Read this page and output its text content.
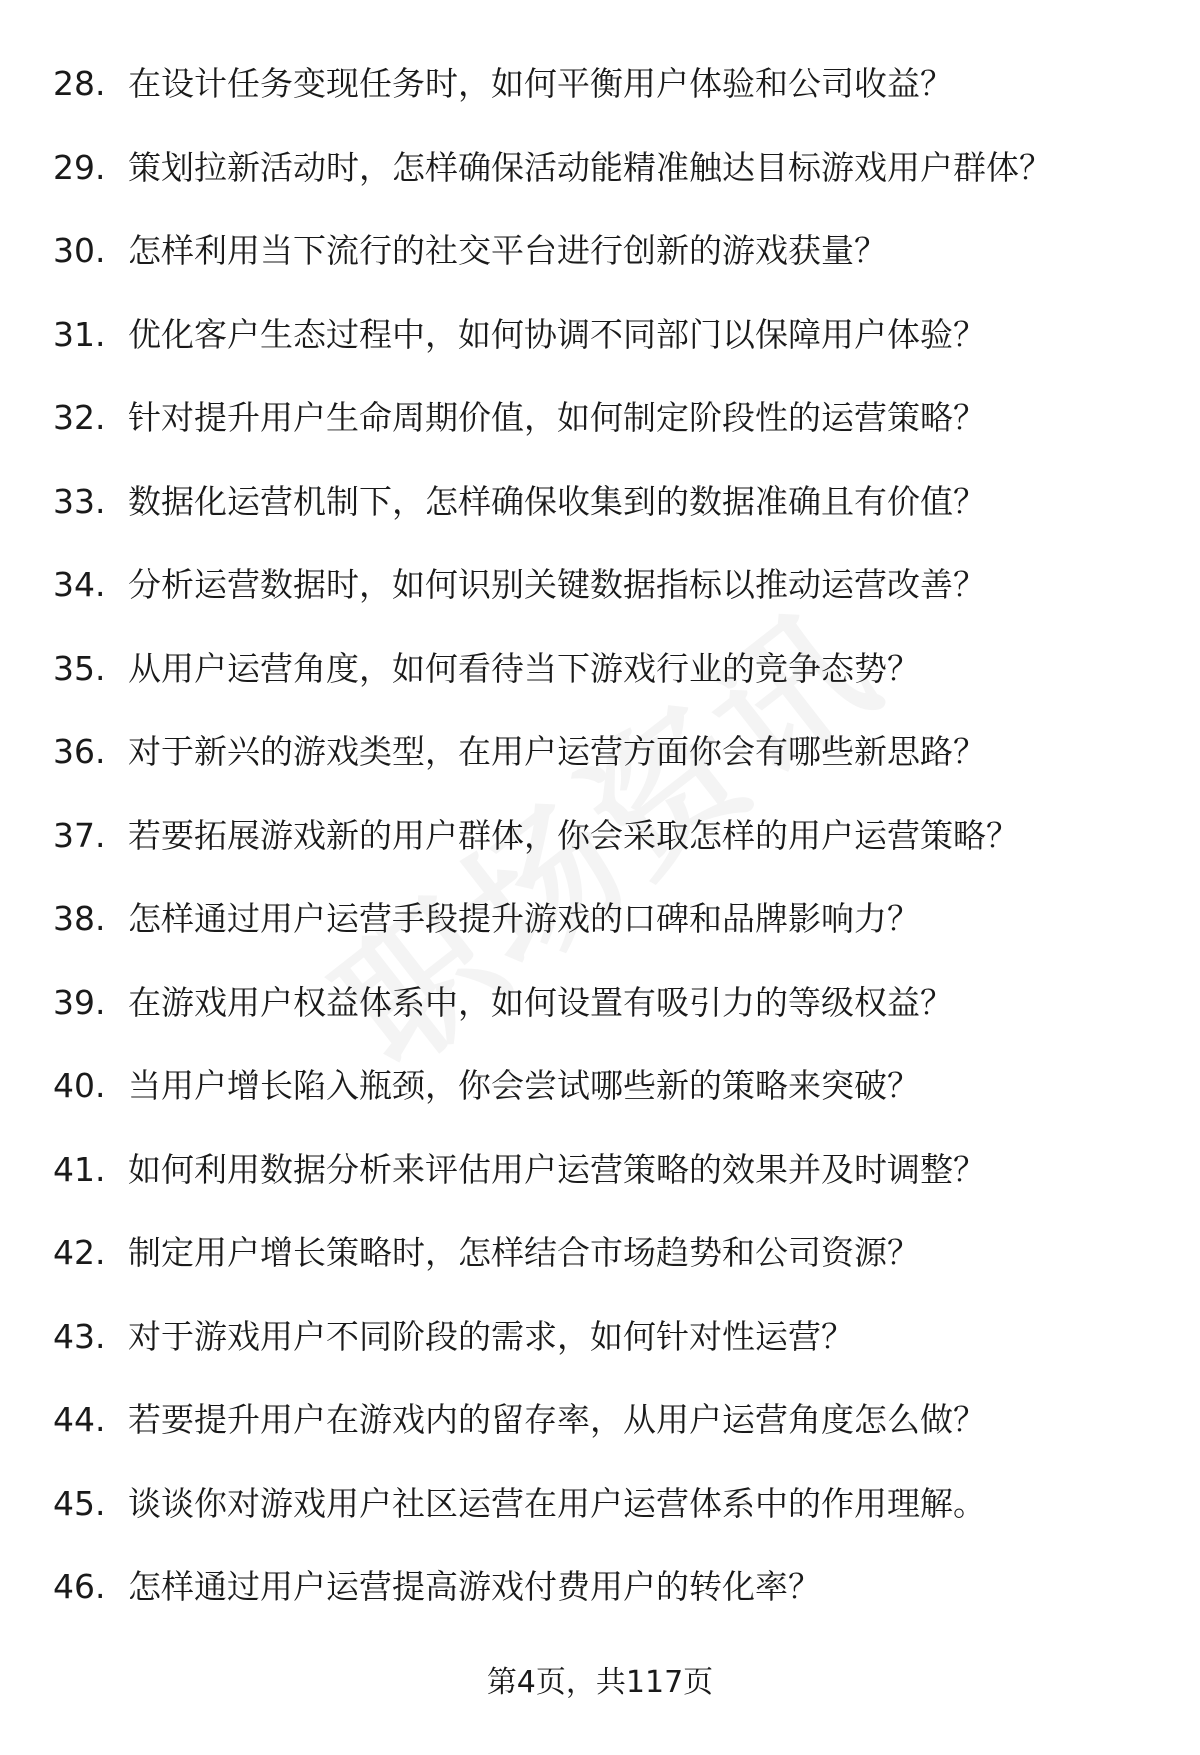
28. 在设计任务变现任务时，如何平衡用户体验和公司收益？
29. 策划拉新活动时，怎样确保活动能精准触达目标游戏用户群体？
30. 怎样利用当下流行的社交平台进行创新的游戏获量？
31. 优化客户生态过程中，如何协调不同部门以保障用户体验？
32. 针对提升用户生命周期价值，如何制定阶段性的运营策略？
33. 数据化运营机制下，怎样确保收集到的数据准确且有价值？
34. 分析运营数据时，如何识别关键数据指标以推动运营改善？
35. 从用户运营角度，如何看待当下游戏行业的竞争态势？
36. 对于新兴的游戏类型，在用户运营方面你会有哪些新思路？
37. 若要拓展游戏新的用户群体，你会采取怎样的用户运营策略？
38. 怎样通过用户运营手段提升游戏的口碑和品牌影响力？
39. 在游戏用户权益体系中，如何设置有吸引力的等级权益？
40. 当用户增长陷入瓶颈，你会尝试哪些新的策略来突破？
41. 如何利用数据分析来评估用户运营策略的效果并及时调整？
42. 制定用户增长策略时，怎样结合市场趋势和公司资源？
43. 对于游戏用户不同阶段的需求，如何针对性运营？
44. 若要提升用户在游戏内的留存率，从用户运营角度怎么做？
45. 谈谈你对游戏用户社区运营在用户运营体系中的作用理解。
46. 怎样通过用户运营提高游戏付费用户的转化率？
第4页，共117页
